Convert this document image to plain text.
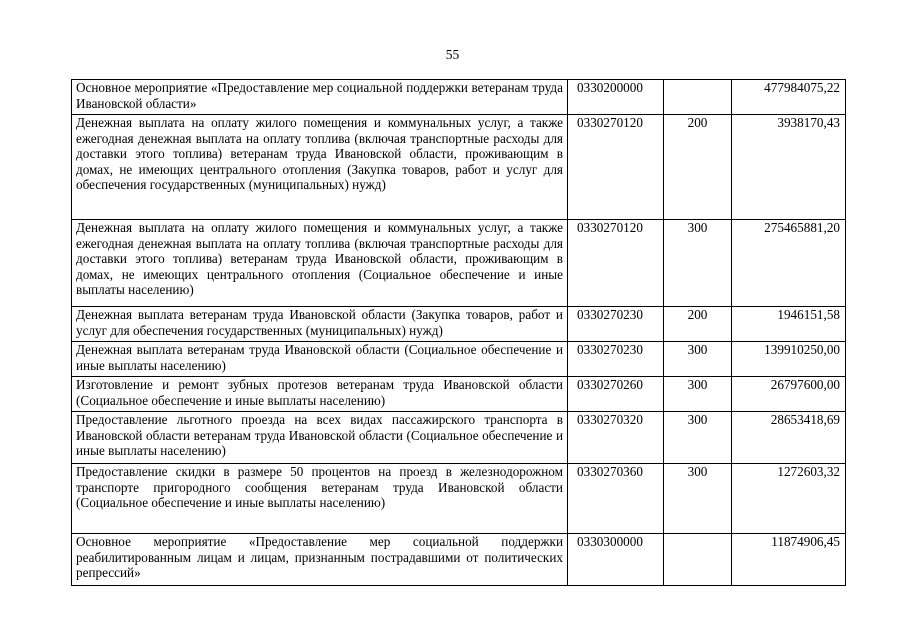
55
Основное мероприятие «Предоставление мер социальной поддержки ветеранам труда Ивановской области»	0330200000		477984075,22
Денежная выплата на оплату жилого помещения и коммунальных услуг, а также ежегодная денежная выплата на оплату топлива (включая транспортные расходы для доставки этого топлива) ветеранам труда Ивановской области, проживающим в домах, не имеющих центрального отопления (Закупка товаров, работ и услуг для обеспечения государственных (муниципальных) нужд)	0330270120	200	3938170,43
Денежная выплата на оплату жилого помещения и коммунальных услуг, а также ежегодная денежная выплата на оплату топлива (включая транспортные расходы для доставки этого топлива) ветеранам труда Ивановской области, проживающим в домах, не имеющих центрального отопления (Социальное обеспечение и иные выплаты населению)	0330270120	300	275465881,20
Денежная выплата ветеранам труда Ивановской области (Закупка товаров, работ и услуг для обеспечения государственных (муниципальных) нужд)	0330270230	200	1946151,58
Денежная выплата ветеранам труда Ивановской области (Социальное обеспечение и иные выплаты населению)	0330270230	300	139910250,00
Изготовление и ремонт зубных протезов ветеранам труда Ивановской области (Социальное обеспечение и иные выплаты населению)	0330270260	300	26797600,00
Предоставление льготного проезда на всех видах пассажирского транспорта в Ивановской области ветеранам труда Ивановской области (Социальное обеспечение и иные выплаты населению)	0330270320	300	28653418,69
Предоставление скидки в размере 50 процентов на проезд в железнодорожном транспорте пригородного сообщения ветеранам труда Ивановской области (Социальное обеспечение и иные выплаты населению)	0330270360	300	1272603,32
Основное мероприятие «Предоставление мер социальной поддержки реабилитированным лицам и лицам, признанным пострадавшими от политических репрессий»	0330300000		11874906,45
